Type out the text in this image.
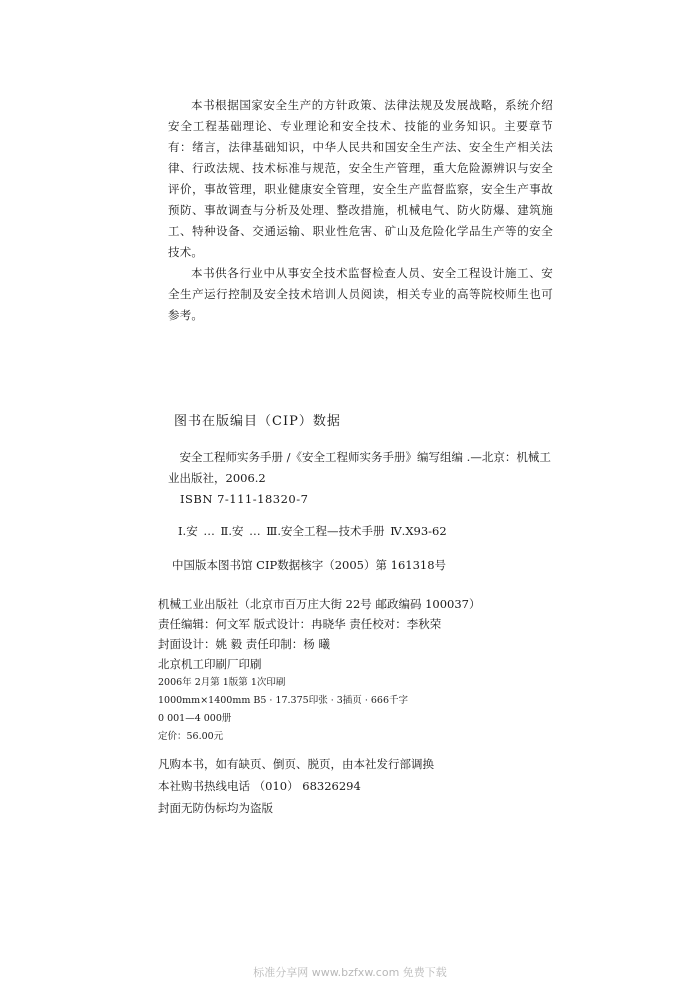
本书根据国家安全生产的方针政策、法律法规及发展战略，系统介绍安全工程基础理论、专业理论和安全技术、技能的业务知识。主要章节有：绪言，法律基础知识，中华人民共和国安全生产法、安全生产相关法律、行政法规、技术标准与规范，安全生产管理，重大危险源辨识与安全评价，事故管理，职业健康安全管理，安全生产监督监察，安全生产事故预防、事故调查与分析及处理、整改措施，机械电气、防火防爆、建筑施工、特种设备、交通运输、职业性危害、矿山及危险化学品生产等的安全技术。

本书供各行业中从事安全技术监督检查人员、安全工程设计施工、安全生产运行控制及安全技术培训人员阅读，相关专业的高等院校师生也可参考。

图书在版编目（CIP）数据

安全工程师实务手册 /《安全工程师实务手册》编写组编 .—北京：机械工业出版社，2006.2

ISBN 7-111-18320-7

Ⅰ.安 … Ⅱ.安 … Ⅲ.安全工程—技术手册 Ⅳ.X93-62
中国版本图书馆 CIP数据核字（2005）第 161318号

机械工业出版社（北京市百万庄大街 22号 邮政编码 100037）

责任编辑：何文军 版式设计：冉晓华 责任校对：李秋荣

封面设计：姚 毅 责任印制：杨 曦

北京机工印刷厂印刷

2006年 2月第 1版第 1次印刷

1000mm×1400mm B5 · 17.375印张 · 3插页 · 666千字

0 001—4 000册

定价：56.00元

凡购本书，如有缺页、倒页、脱页，由本社发行部调换

本社购书热线电话 （010） 68326294

封面无防伪标均为盗版

标准分享网 www.bzfxw.com 免费下载
